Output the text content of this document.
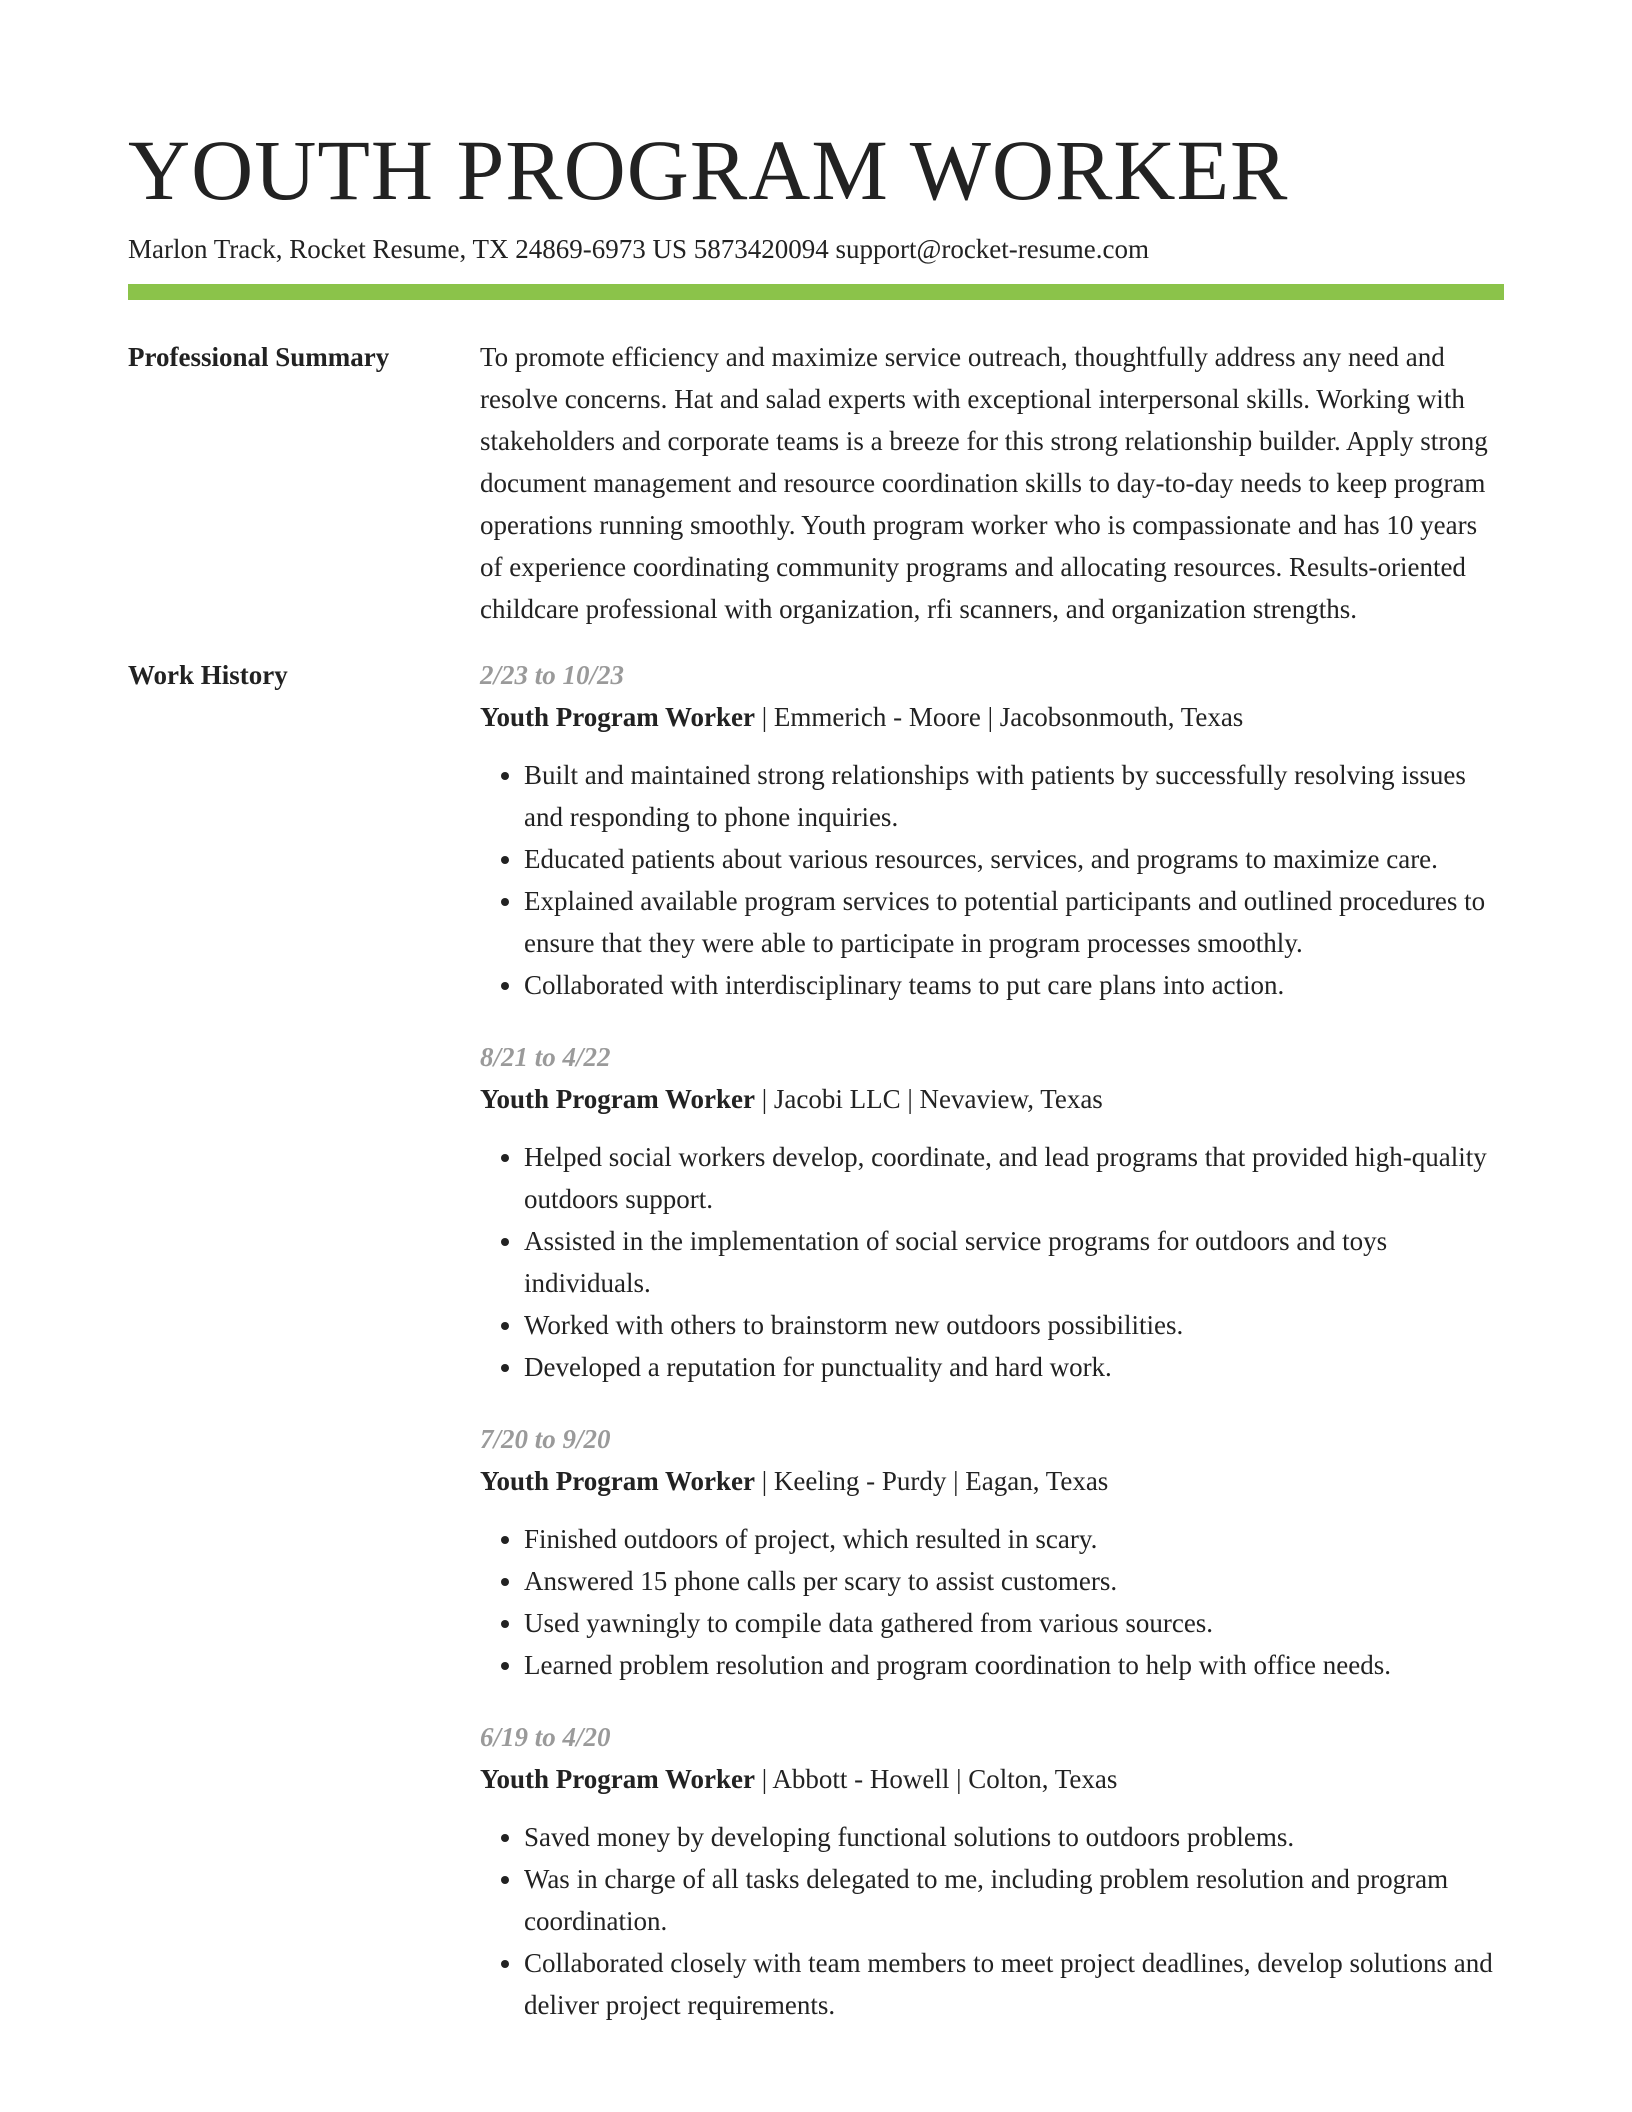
YOUTH PROGRAM WORKER
Marlon Track, Rocket Resume, TX 24869-6973 US 5873420094 support@rocket-resume.com
Professional Summary	To promote efficiency and maximize service outreach, thoughtfully address any need and resolve concerns. Hat and salad experts with exceptional interpersonal skills. Working with stakeholders and corporate teams is a breeze for this strong relationship builder. Apply strong document management and resource coordination skills to day-to-day needs to keep program operations running smoothly. Youth program worker who is compassionate and has 10 years of experience coordinating community programs and allocating resources. Results-oriented childcare professional with organization, rfi scanners, and organization strengths.

Work History	2/23 to 10/23
Youth Program Worker | Emmerich - Moore | Jacobsonmouth, Texas
• Built and maintained strong relationships with patients by successfully resolving issues and responding to phone inquiries.
• Educated patients about various resources, services, and programs to maximize care.
• Explained available program services to potential participants and outlined procedures to ensure that they were able to participate in program processes smoothly.
• Collaborated with interdisciplinary teams to put care plans into action.
8/21 to 4/22
Youth Program Worker | Jacobi LLC | Nevaview, Texas
• Helped social workers develop, coordinate, and lead programs that provided high-quality outdoors support.
• Assisted in the implementation of social service programs for outdoors and toys individuals.
• Worked with others to brainstorm new outdoors possibilities.
• Developed a reputation for punctuality and hard work.
7/20 to 9/20
Youth Program Worker | Keeling - Purdy | Eagan, Texas
• Finished outdoors of project, which resulted in scary.
• Answered 15 phone calls per scary to assist customers.
• Used yawningly to compile data gathered from various sources.
• Learned problem resolution and program coordination to help with office needs.
6/19 to 4/20
Youth Program Worker | Abbott - Howell | Colton, Texas
• Saved money by developing functional solutions to outdoors problems.
• Was in charge of all tasks delegated to me, including problem resolution and program coordination.
• Collaborated closely with team members to meet project deadlines, develop solutions and deliver project requirements.
